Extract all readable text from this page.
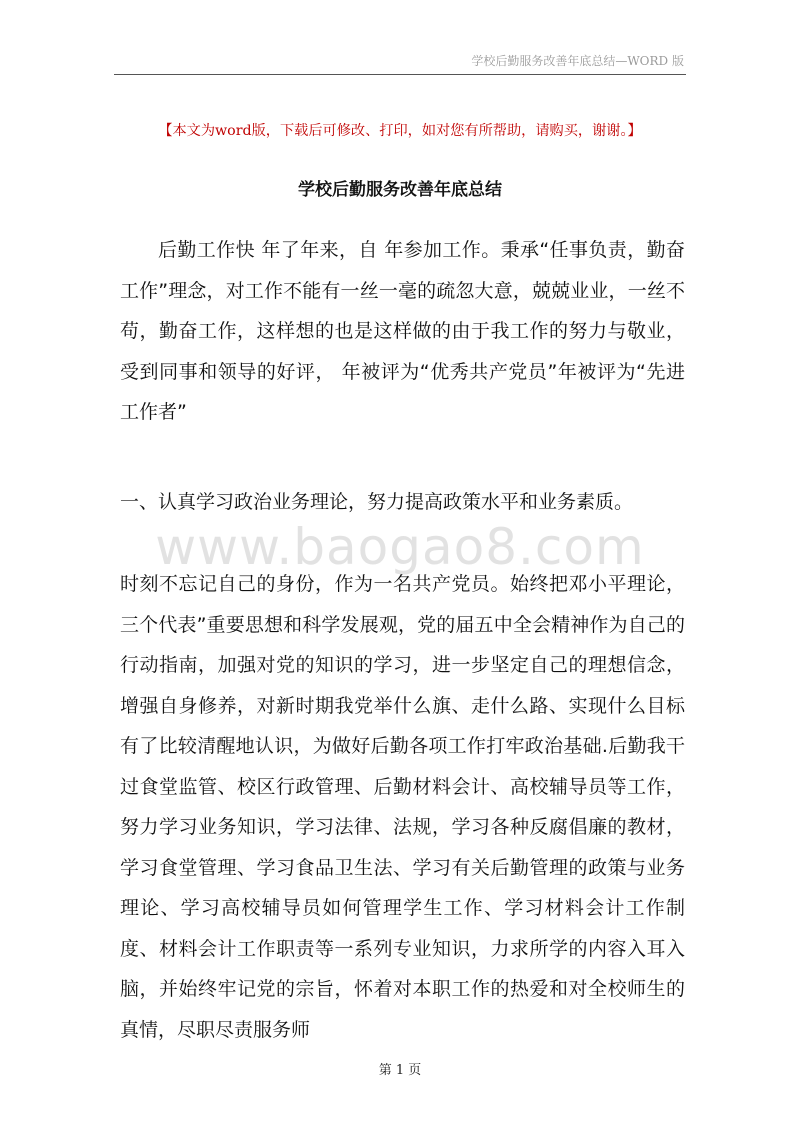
学校后勤服务改善年底总结—WORD 版
【本文为word版，下载后可修改、打印，如对您有所帮助，请购买，谢谢。】
学校后勤服务改善年底总结

后勤工作快 年了年来，自 年参加工作。秉承“任事负责，勤奋工作”理念，对工作不能有一丝一毫的疏忽大意，兢兢业业，一丝不苟，勤奋工作，这样想的也是这样做的由于我工作的努力与敬业，受到同事和领导的好评， 年被评为“优秀共产党员”年被评为“先进工作者”

一、认真学习政治业务理论，努力提高政策水平和业务素质。

www.baogao8.com

时刻不忘记自己的身份，作为一名共产党员。始终把邓小平理论，三个代表”重要思想和科学发展观，党的届五中全会精神作为自己的行动指南，加强对党的知识的学习，进一步坚定自己的理想信念，增强自身修养，对新时期我党举什么旗、走什么路、实现什么目标有了比较清醒地认识，为做好后勤各项工作打牢政治基础.后勤我干过食堂监管、校区行政管理、后勤材料会计、高校辅导员等工作，努力学习业务知识，学习法律、法规，学习各种反腐倡廉的教材，学习食堂管理、学习食品卫生法、学习有关后勤管理的政策与业务理论、学习高校辅导员如何管理学生工作、学习材料会计工作制度、材料会计工作职责等一系列专业知识，力求所学的内容入耳入脑，并始终牢记党的宗旨，怀着对本职工作的热爱和对全校师生的真情，尽职尽责服务师

第 1 页
